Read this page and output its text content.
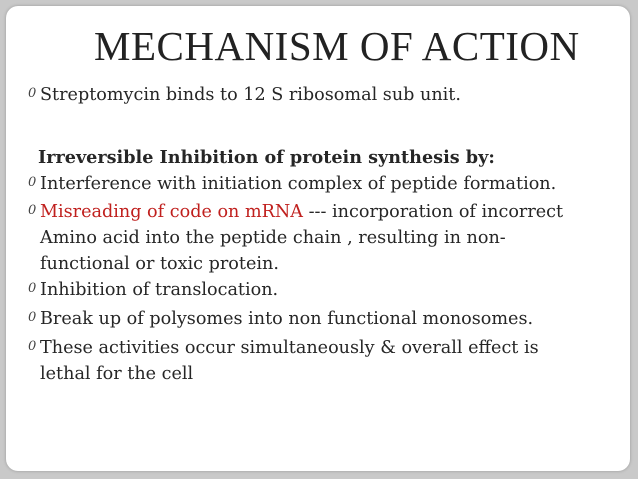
MECHANISM OF ACTION
0 Streptomycin binds to 12 S ribosomal sub unit.
Irreversible Inhibition of protein synthesis by:
0 Interference with initiation complex of peptide formation.
0 Misreading of code on mRNA --- incorporation of incorrect
Amino acid into the peptide chain , resulting in non-
functional or toxic protein.
0 Inhibition of translocation.
0 Break up of polysomes into non functional monosomes.
0 These activities occur simultaneously & overall effect is
lethal for the cell
